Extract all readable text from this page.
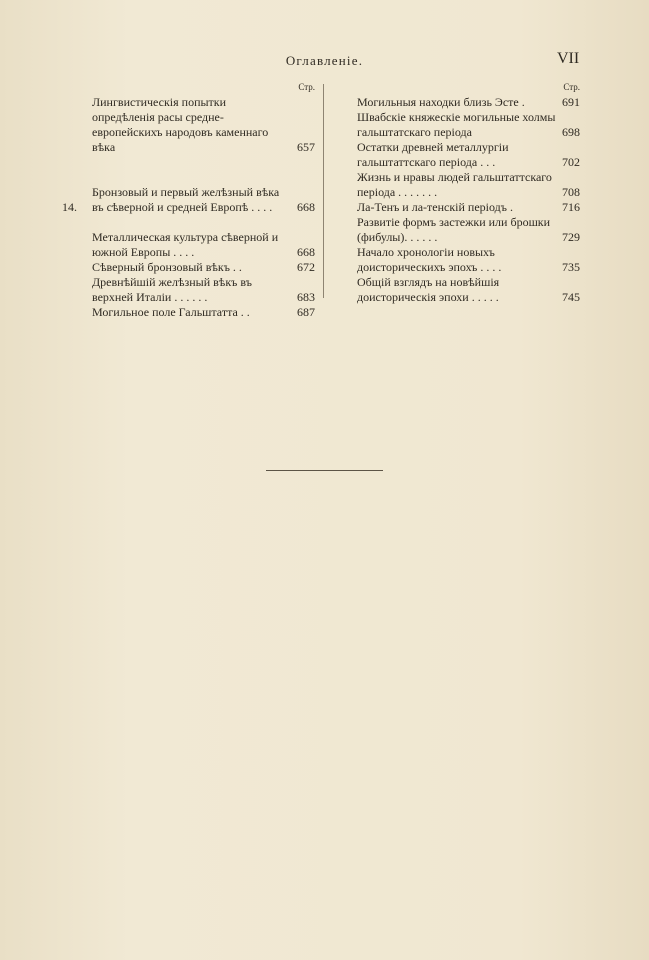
Оглавленiе.	VII
Стр.
Лингвистическiя попытки опредѣленiя расы средне-европейскихъ народовъ каменнаго вѣка	657
14.
Бронзовый и первый желѣзный вѣка въ сѣверной и средней Европѣ . . . .	668
Металлическая культура сѣверной и южной Европы . . . .	668
Сѣверный бронзовый вѣкъ . .	672
Древнѣйшiй желѣзный вѣкъ въ верхней Италiи . . . . . .	683
Могильное поле Гальштатта . .	687
Стр.
Могильныя находки близь Эсте .	691
Швабскiе княжескiе могильные холмы гальштатскаго перiода	698
Остатки древней металлургiи гальштаттскаго перiода . . .	702
Жизнь и нравы людей гальштаттскаго перiода . . . . . . .	708
Ла-Тенъ и ла-тенскiй перiодъ .	716
Развитiе формъ застежки или брошки (фибулы). . . . . .	729
Начало хронологiи новыхъ доисторическихъ эпохъ . . . .	735
Общiй взглядъ на новѣйшiя доисторическiя эпохи . . . . .	745
